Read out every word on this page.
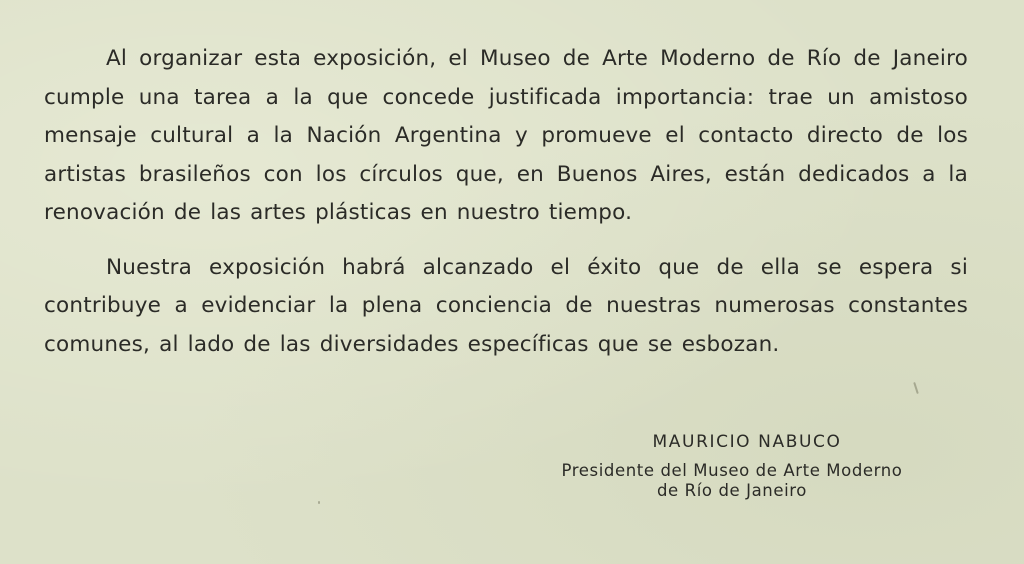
Al organizar esta exposición, el Museo de Arte Moderno de Río de Janeiro cumple una tarea a la que concede justificada importancia: trae un amistoso mensaje cultural a la Nación Argentina y promueve el contacto directo de los artistas brasileños con los círculos que, en Buenos Aires, están dedicados a la renovación de las artes plásticas en nuestro tiempo.

Nuestra exposición habrá alcanzado el éxito que de ella se espera si contribuye a evidenciar la plena conciencia de nuestras numerosas constantes comunes, al lado de las diversidades específicas que se esbozan.

MAURICIO NABUCO
Presidente del Museo de Arte Moderno
de Río de Janeiro
